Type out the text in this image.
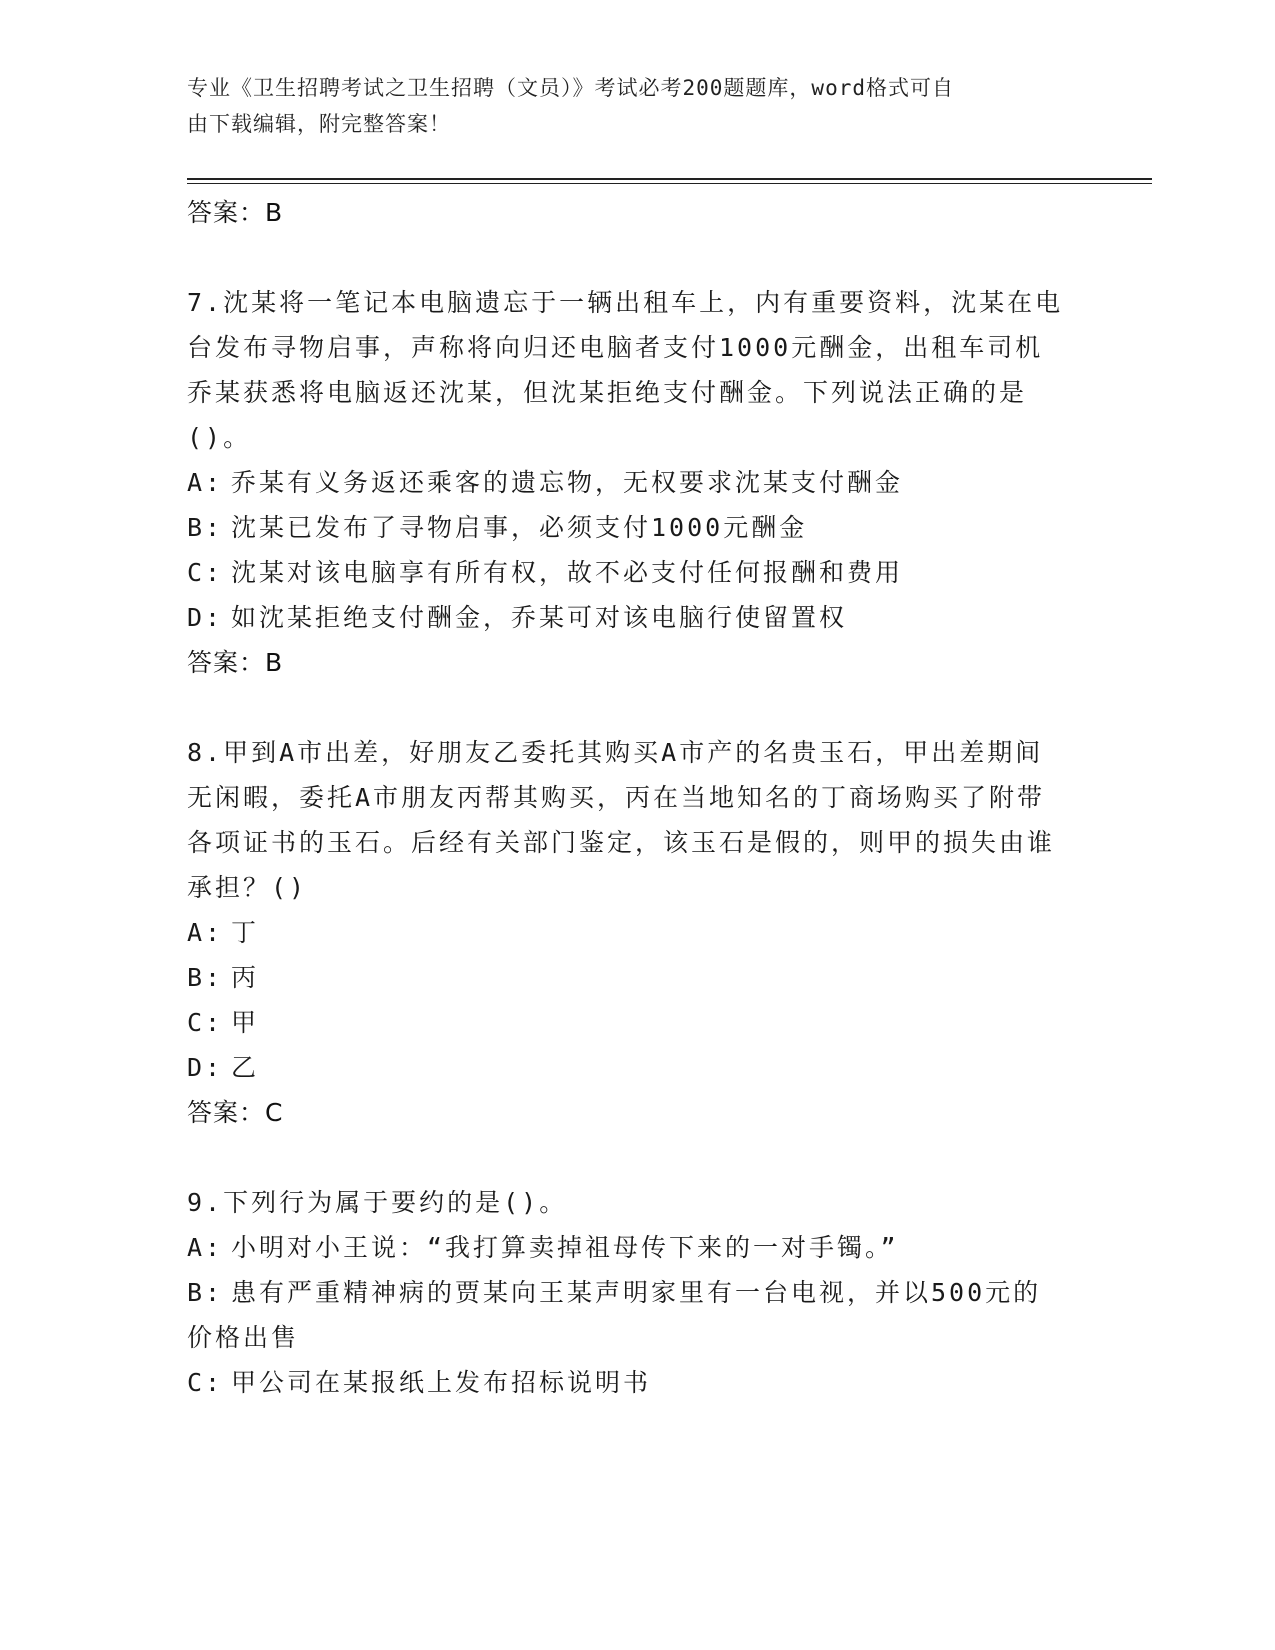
专业《卫生招聘考试之卫生招聘（文员）》考试必考200题题库，word格式可自
由下载编辑，附完整答案！
答案：B
7.沈某将一笔记本电脑遗忘于一辆出租车上，内有重要资料，沈某在电台发布寻物启事，声称将向归还电脑者支付1000元酬金，出租车司机乔某获悉将电脑返还沈某，但沈某拒绝支付酬金。下列说法正确的是()。
A: 乔某有义务返还乘客的遗忘物，无权要求沈某支付酬金
B: 沈某已发布了寻物启事，必须支付1000元酬金
C: 沈某对该电脑享有所有权，故不必支付任何报酬和费用
D: 如沈某拒绝支付酬金，乔某可对该电脑行使留置权
答案：B
8.甲到A市出差，好朋友乙委托其购买A市产的名贵玉石，甲出差期间无闲暇，委托A市朋友丙帮其购买，丙在当地知名的丁商场购买了附带各项证书的玉石。后经有关部门鉴定，该玉石是假的，则甲的损失由谁承担？()
A: 丁
B: 丙
C: 甲
D: 乙
答案：C
9.下列行为属于要约的是()。
A: 小明对小王说：“我打算卖掉祖母传下来的一对手镯。”
B: 患有严重精神病的贾某向王某声明家里有一台电视，并以500元的价格出售
C: 甲公司在某报纸上发布招标说明书
